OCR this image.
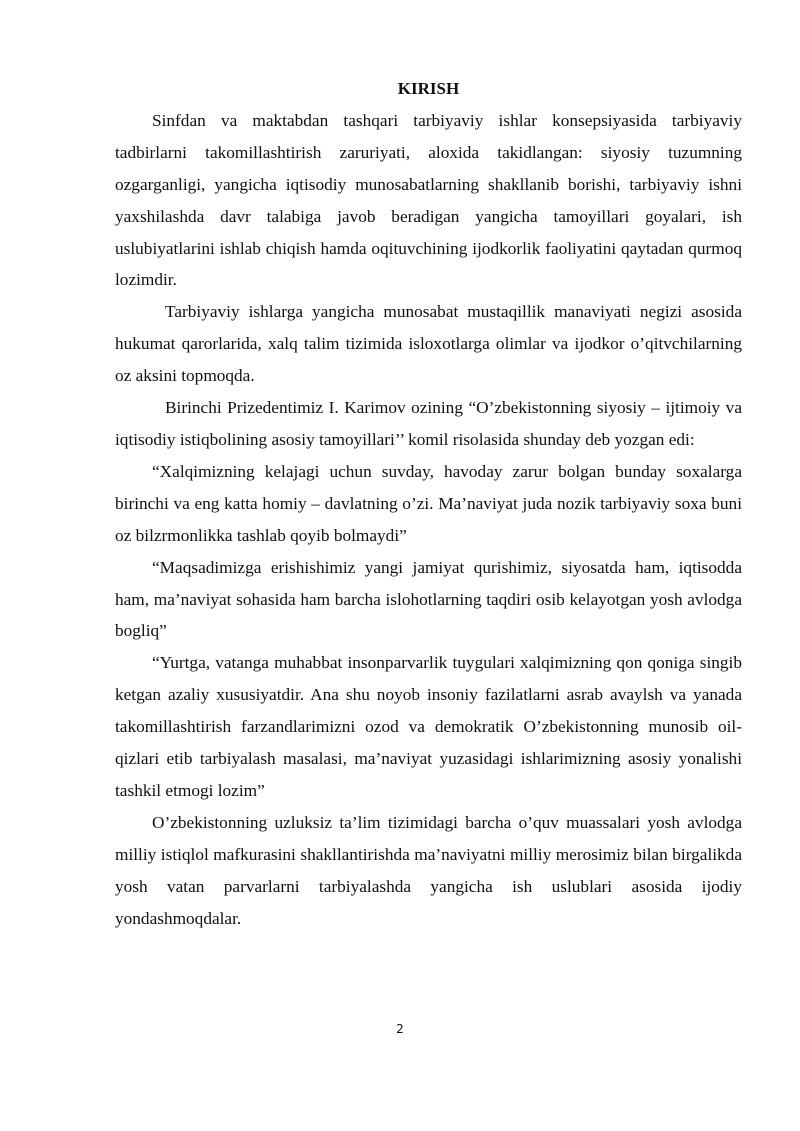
KIRISH

Sinfdan va maktabdan tashqari tarbiyaviy ishlar konsepsiyasida tarbiyaviy tadbirlarni takomillashtirish zaruriyati, aloxida takidlangan: siyosiy tuzumning ozgarganligi, yangicha iqtisodiy munosabatlarning shakllanib borishi, tarbiyaviy ishni yaxshilashda davr talabiga javob beradigan yangicha tamoyillari goyalari, ish uslubiyatlarini ishlab chiqish hamda oqituvchining ijodkorlik faoliyatini qaytadan qurmoq lozimdir.

Tarbiyaviy ishlarga yangicha munosabat mustaqillik manaviyati negizi asosida hukumat qarorlarida, xalq talim tizimida isloxotlarga olimlar va ijodkor o’qitvchilarning oz aksini topmoqda.

Birinchi Prizedentimiz I. Karimov ozining “O’zbekistonning siyosiy – ijtimoiy va iqtisodiy istiqbolining asosiy tamoyillari’’ komil risolasida shunday deb yozgan edi:

“Xalqimizning kelajagi uchun suvday, havoday zarur bolgan bunday soxalarga birinchi va eng katta homiy – davlatning o’zi. Ma’naviyat juda nozik tarbiyaviy soxa buni oz bilzrmonlikka tashlab qoyib bolmaydi”

“Maqsadimizga erishishimiz yangi jamiyat qurishimiz, siyosatda ham, iqtisodda ham, ma’naviyat sohasida ham barcha islohotlarning taqdiri osib kelayotgan yosh avlodga bogliq”

“Yurtga, vatanga muhabbat insonparvarlik tuygulari xalqimizning qon qoniga singib ketgan azaliy xususiyatdir. Ana shu noyob insoniy fazilatlarni asrab avaylsh va yanada takomillashtirish farzandlarimizni ozod va demokratik O’zbekistonning munosib oil-qizlari etib tarbiyalash masalasi, ma’naviyat yuzasidagi ishlarimizning asosiy yonalishi tashkil etmogi lozim”

O’zbekistonning uzluksiz ta’lim tizimidagi barcha o’quv muassalari yosh avlodga milliy istiqlol mafkurasini shakllantirishda ma’naviyatni milliy merosimiz bilan birgalikda yosh vatan parvarlarni tarbiyalashda yangicha ish uslublari asosida ijodiy yondashmoqdalar.

2
